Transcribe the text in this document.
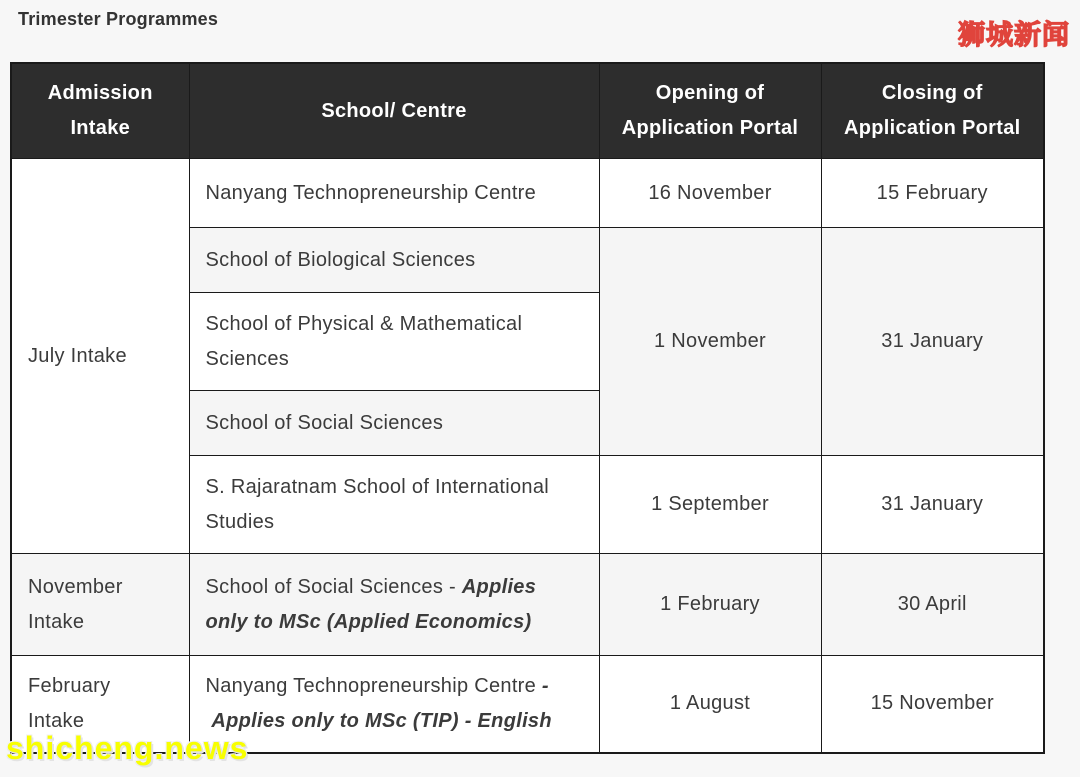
Trimester Programmes
Admission Intake	School/ Centre	Opening of Application Portal	Closing of Application Portal
July Intake	Nanyang Technopreneurship Centre	16 November	15 February
	School of Biological Sciences	1 November	31 January
	School of Physical & Mathematical Sciences		
	School of Social Sciences		
	S. Rajaratnam School of International Studies	1 September	31 January
November Intake	School of Social Sciences - Applies only to MSc (Applied Economics)	1 February	30 April
February Intake	Nanyang Technopreneurship Centre - Applies only to MSc (TIP) - English	1 August	15 November
狮城新闻
shicheng.news
